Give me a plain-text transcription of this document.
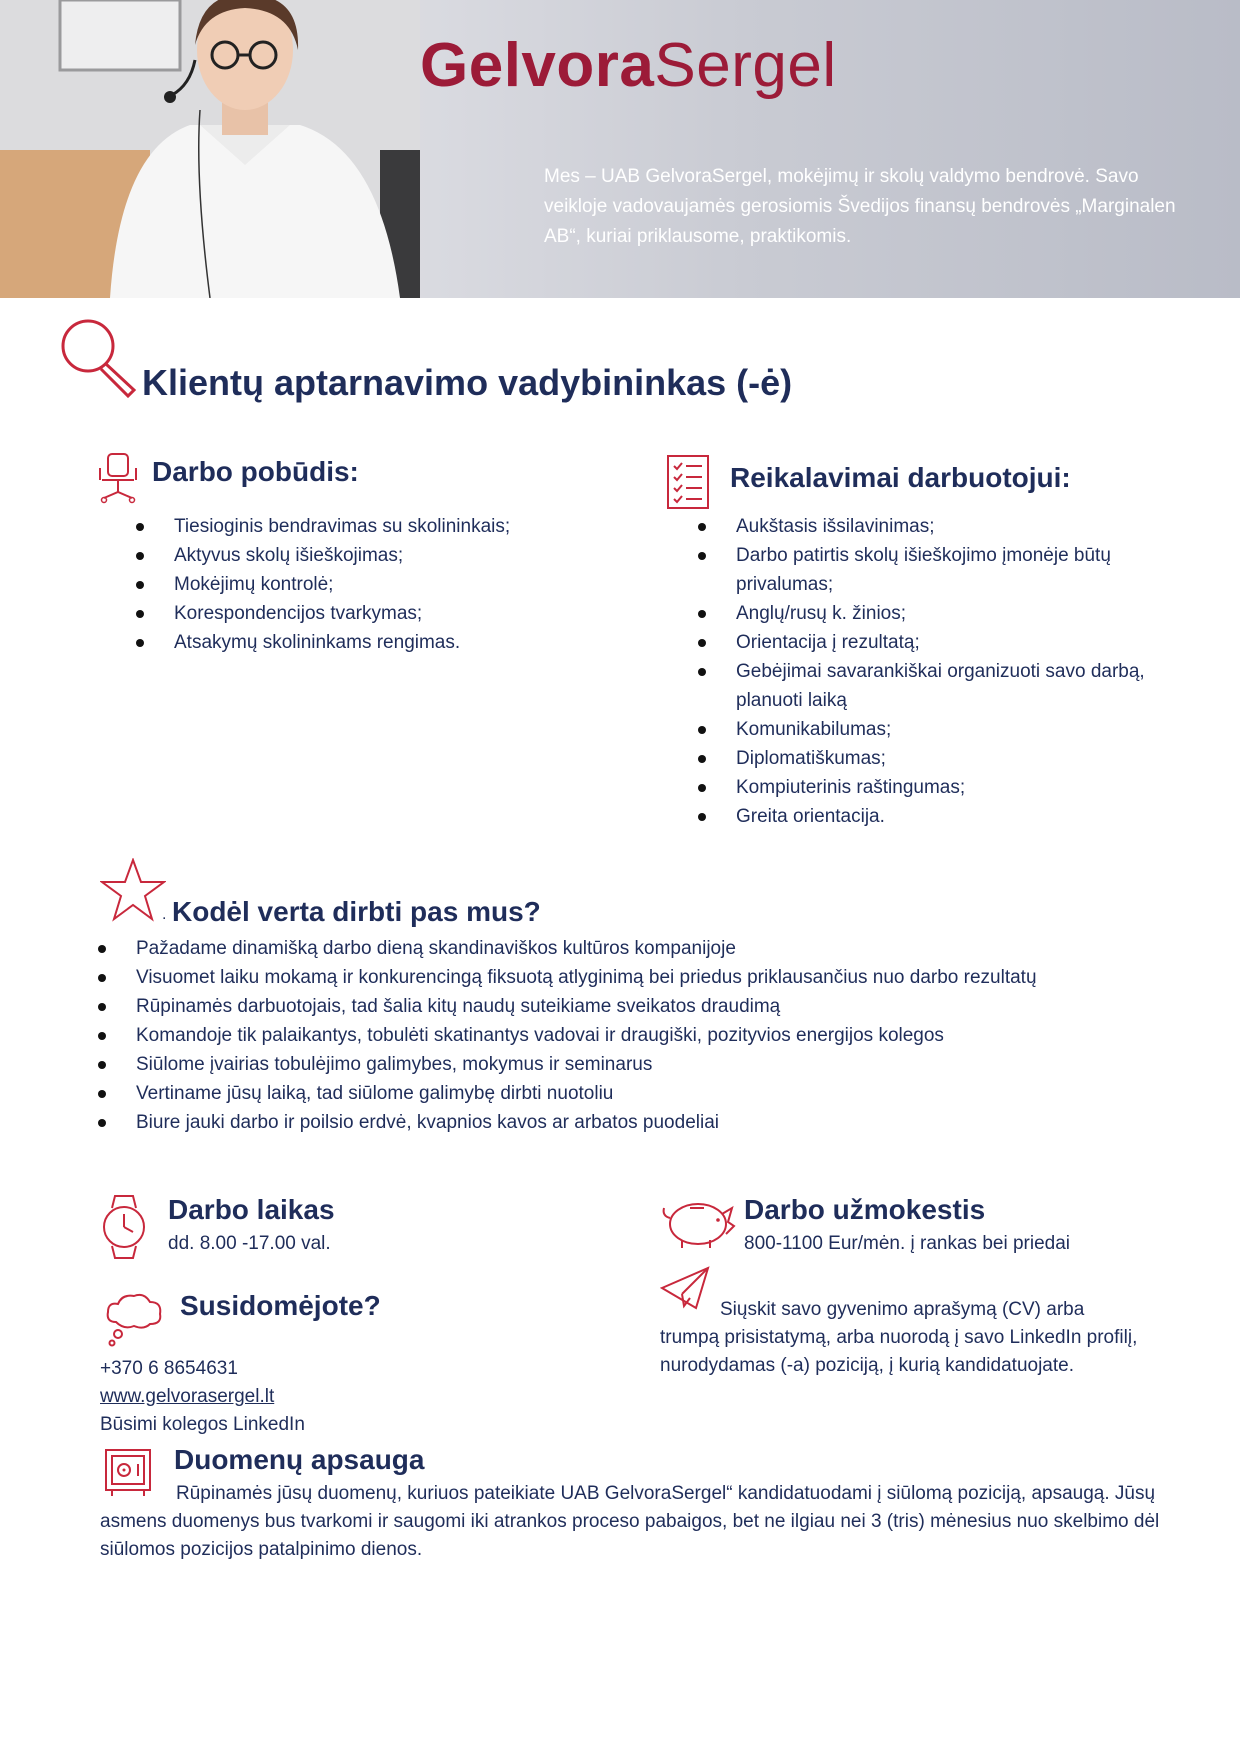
GelvoraSergel
Mes – UAB GelvoraSergel, mokėjimų ir skolų valdymo bendrovė. Savo veikloje vadovaujamės gerosiomis Švedijos finansų bendrovės „Marginalen AB“, kuriai priklausome, praktikomis.
Klientų aptarnavimo vadybininkas (-ė)
Darbo pobūdis:
Tiesioginis bendravimas su skolininkais;
Aktyvus skolų išieškojimas;
Mokėjimų kontrolė;
Korespondencijos tvarkymas;
Atsakymų skolininkams rengimas.
Reikalavimai darbuotojui:
Aukštasis išsilavinimas;
Darbo patirtis skolų išieškojimo įmonėje būtų privalumas;
Anglų/rusų k. žinios;
Orientacija į rezultatą;
Gebėjimai savarankiškai organizuoti savo darbą, planuoti laiką
Komunikabilumas;
Diplomatiškumas;
Kompiuterinis raštingumas;
Greita orientacija.
. Kodėl verta dirbti pas mus?
Pažadame dinamišką darbo dieną skandinaviškos kultūros kompanijoje
Visuomet laiku mokamą ir konkurencingą fiksuotą atlyginimą bei priedus priklausančius nuo darbo rezultatų
Rūpinamės darbuotojais, tad šalia kitų naudų suteikiame sveikatos draudimą
Komandoje tik palaikantys, tobulėti skatinantys vadovai ir draugiški, pozityvios energijos kolegos
Siūlome įvairias tobulėjimo galimybes, mokymus ir seminarus
Vertiname jūsų laiką, tad siūlome galimybę dirbti nuotoliu
Biure jauki darbo ir poilsio erdvė, kvapnios kavos ar arbatos puodeliai
Darbo laikas
dd. 8.00 -17.00 val.
Darbo užmokestis
800-1100 Eur/mėn. į rankas bei priedai
Susidomėjote?
+370 6 8654631
www.gelvorasergel.lt
Būsimi kolegos LinkedIn
Siųskit savo gyvenimo aprašymą (CV) arba trumpą prisistatymą, arba nuorodą į savo LinkedIn profilį, nurodydamas (-a) poziciją, į kurią kandidatuojate.
Duomenų apsauga
Rūpinamės jūsų duomenų, kuriuos pateikiate UAB GelvoraSergel“ kandidatuodami į siūlomą poziciją, apsaugą. Jūsų asmens duomenys bus tvarkomi ir saugomi iki atrankos proceso pabaigos, bet ne ilgiau nei 3 (tris) mėnesius nuo skelbimo dėl siūlomos pozicijos patalpinimo dienos.
